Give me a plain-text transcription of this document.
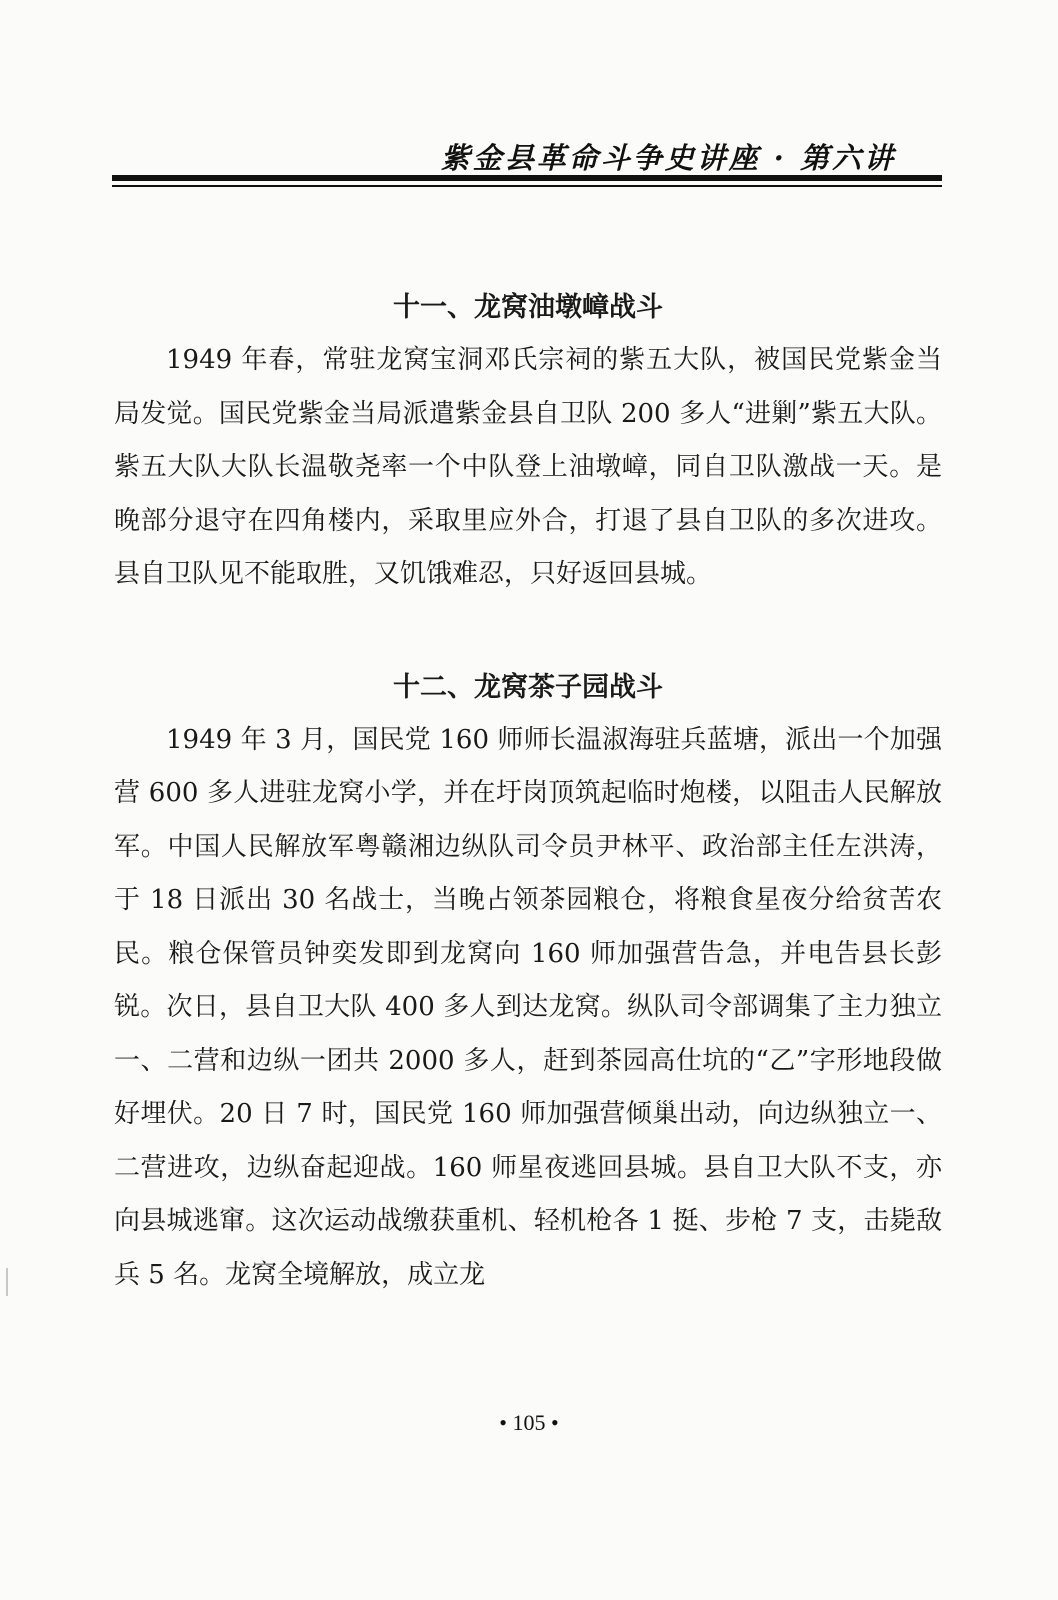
紫金县革命斗争史讲座 · 第六讲
十一、龙窝油墩嶂战斗

1949 年春，常驻龙窝宝洞邓氏宗祠的紫五大队，被国民党紫金当局发觉。国民党紫金当局派遣紫金县自卫队 200 多人“进剿”紫五大队。紫五大队大队长温敬尧率一个中队登上油墩嶂，同自卫队激战一天。是晚部分退守在四角楼内，采取里应外合，打退了县自卫队的多次进攻。县自卫队见不能取胜，又饥饿难忍，只好返回县城。

十二、龙窝茶子园战斗

1949 年 3 月，国民党 160 师师长温淑海驻兵蓝塘，派出一个加强营 600 多人进驻龙窝小学，并在圩岗顶筑起临时炮楼，以阻击人民解放军。中国人民解放军粤赣湘边纵队司令员尹林平、政治部主任左洪涛，于 18 日派出 30 名战士，当晚占领茶园粮仓，将粮食星夜分给贫苦农民。粮仓保管员钟奕发即到龙窝向 160 师加强营告急，并电告县长彭锐。次日，县自卫大队 400 多人到达龙窝。纵队司令部调集了主力独立一、二营和边纵一团共 2000 多人，赶到茶园高仕坑的“乙”字形地段做好埋伏。20 日 7 时，国民党 160 师加强营倾巢出动，向边纵独立一、二营进攻，边纵奋起迎战。160 师星夜逃回县城。县自卫大队不支，亦向县城逃窜。这次运动战缴获重机、轻机枪各 1 挺、步枪 7 支，击毙敌兵 5 名。龙窝全境解放，成立龙

• 105 •
